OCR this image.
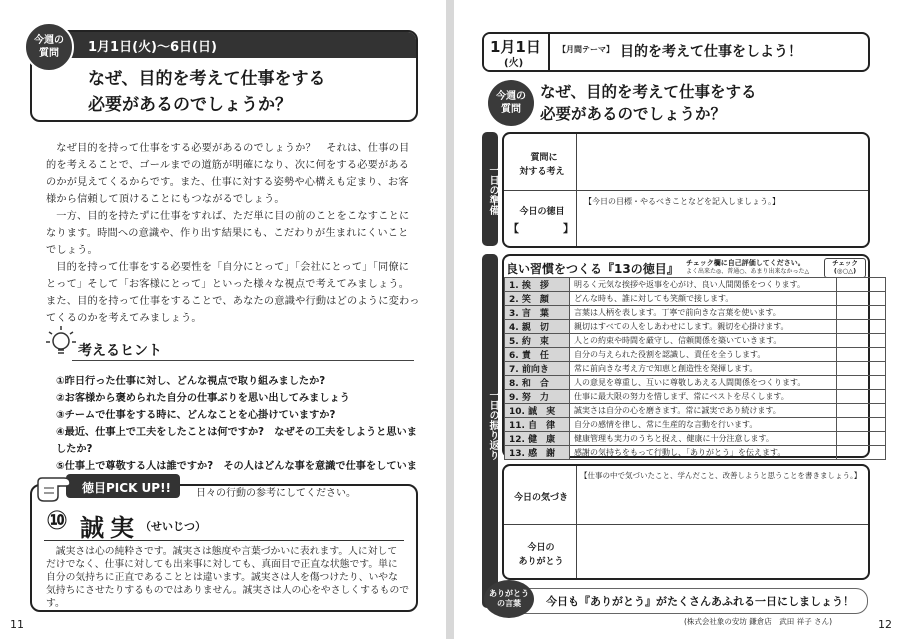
1月1日(火)～6日(日)
なぜ、目的を考えて仕事をする
必要があるのでしょうか？
今週の質問

なぜ目的を持って仕事をする必要があるのでしょうか？　それは、仕事の目

的を考えることで、ゴールまでの道筋が明確になり、次に何をする必要がある
のかが見えてくるからです。また、仕事に対する姿勢や心構えも定まり、お客
様から信頼して頂けることにもつながるでしょう。

一方、目的を持たずに仕事をすれば、ただ単に目の前のことをこなすことに

なります。時間への意識や、作り出す結果にも、こだわりが生まれにくいこと
でしょう。

目的を持って仕事をする必要性を「自分にとって」「会社にとって」「同僚に

とって」そして「お客様にとって」といった様々な視点で考えてみましょう。
また、目的を持って仕事をすることで、あなたの意識や行動はどのように変わっ
てくるのかを考えてみましょう。
考えるヒント
①昨日行った仕事に対し、どんな視点で取り組みましたか?
②お客様から褒められた自分の仕事ぶりを思い出してみましょう
③チームで仕事をする時に、どんなことを心掛けていますか?
④最近、仕事上で工夫をしたことは何ですか?　なぜその工夫をしようと思いましたか?
⑤仕事上で尊敬する人は誰ですか?　その人はどんな事を意識で仕事をしていま
徳目PICK UP!! 日々の行動の参考にしてください。
⑩ 誠実 （せいじつ）
誠実さは心の純粋さです。誠実さは態度や言葉づかいに表れます。人に対して
だけでなく、仕事に対しても出来事に対しても、真面目で正直な状態です。単に
自分の気持ちに正直であることとは違います。誠実さは人を傷つけたり、いやな
気持ちにさせたりするものではありません。誠実さは人の心をやさしくするもので
す。
11
1月1日
(火)
【月間テーマ】 目的を考えて仕事をしよう！
今週の質問
なぜ、目的を考えて仕事をする
必要があるのでしょうか？
一日の準備
質問に
対する考え
今日の徳目
【　　　　】
【今日の目標・やるべきことなどを記入しましょう。】
一日の振り返り
良い習慣をつくる『13の徳目』 チェック欄に自己評価してください。
よく出来た◎、普通○、あまり出来なかった△
チェック
(◎○△)
1. 挨　拶	明るく元気な挨拶や返事を心がけ、良い人間関係をつくります。	
2. 笑　顔	どんな時も、誰に対しても笑顔で接します。	
3. 言　葉	言葉は人柄を表します。丁寧で前向きな言葉を使います。	
4. 親　切	親切はすべての人をしあわせにします。親切を心掛けます。	
5. 約　束	人との約束や時間を厳守し、信頼関係を築いていきます。	
6. 責　任	自分の与えられた役割を認識し、責任を全うします。	
7. 前向き	常に前向きな考え方で知恵と創造性を発揮します。	
8. 和　合	人の意見を尊重し、互いに尊敬しあえる人間関係をつくります。	
9. 努　力	仕事に最大限の努力を惜しまず、常にベストを尽くします。	
10. 誠　実	誠実さは自分の心を磨きます。常に誠実であり続けます。	
11. 自　律	自分の感情を律し、常に生産的な言動を行います。	
12. 健　康	健康管理も実力のうちと捉え、健康に十分注意します。	
13. 感　謝	感謝の気持ちをもって行動し、「ありがとう」を伝えます。	
【仕事の中で気づいたこと、学んだこと、改善しようと思うことを書きましょう。】
今日の気づき
今日の
ありがとう
ありがとうの言葉	今日も『ありがとう』がたくさんあふれる一日にしましょう！
(株式会社象の安坊 鎌倉店　武田 祥子 さん)	12
